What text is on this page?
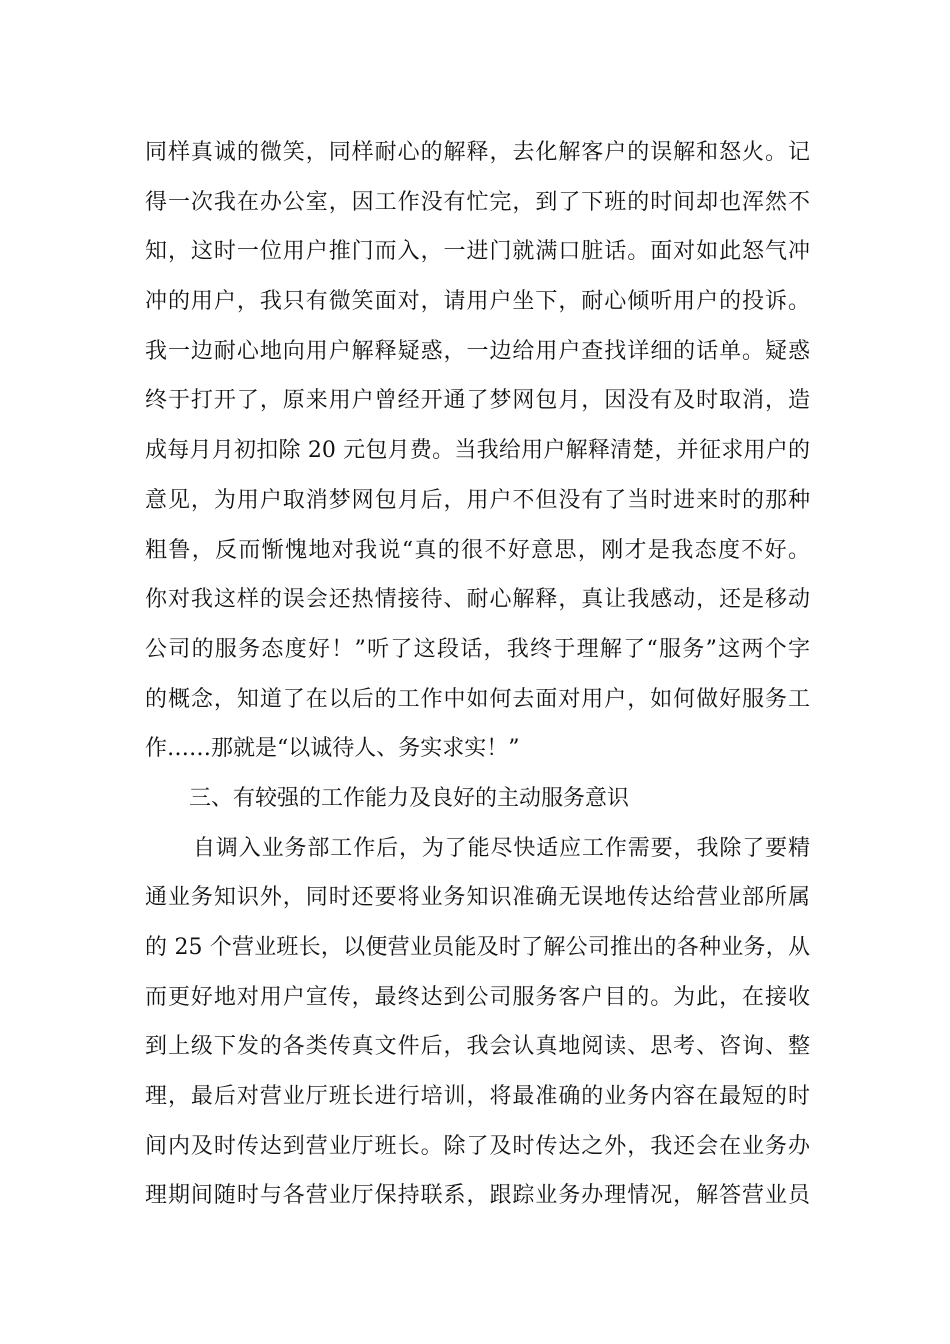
同样真诚的微笑，同样耐心的解释，去化解客户的误解和怒火。记
得一次我在办公室，因工作没有忙完，到了下班的时间却也浑然不
知，这时一位用户推门而入，一进门就满口脏话。面对如此怒气冲
冲的用户，我只有微笑面对，请用户坐下，耐心倾听用户的投诉。
我一边耐心地向用户解释疑惑，一边给用户查找详细的话单。疑惑
终于打开了，原来用户曾经开通了梦网包月，因没有及时取消，造
成每月月初扣除 20 元包月费。当我给用户解释清楚，并征求用户的
意见，为用户取消梦网包月后，用户不但没有了当时进来时的那种
粗鲁，反而惭愧地对我说“真的很不好意思，刚才是我态度不好。
你对我这样的误会还热情接待、耐心解释，真让我感动，还是移动
公司的服务态度好！”听了这段话，我终于理解了“服务”这两个字
的概念，知道了在以后的工作中如何去面对用户，如何做好服务工
作……那就是“以诚待人、务实求实！”
三、有较强的工作能力及良好的主动服务意识
自调入业务部工作后，为了能尽快适应工作需要，我除了要精
通业务知识外，同时还要将业务知识准确无误地传达给营业部所属
的 25 个营业班长，以便营业员能及时了解公司推出的各种业务，从
而更好地对用户宣传，最终达到公司服务客户目的。为此，在接收
到上级下发的各类传真文件后，我会认真地阅读、思考、咨询、整
理，最后对营业厅班长进行培训，将最准确的业务内容在最短的时
间内及时传达到营业厅班长。除了及时传达之外，我还会在业务办
理期间随时与各营业厅保持联系，跟踪业务办理情况，解答营业员
